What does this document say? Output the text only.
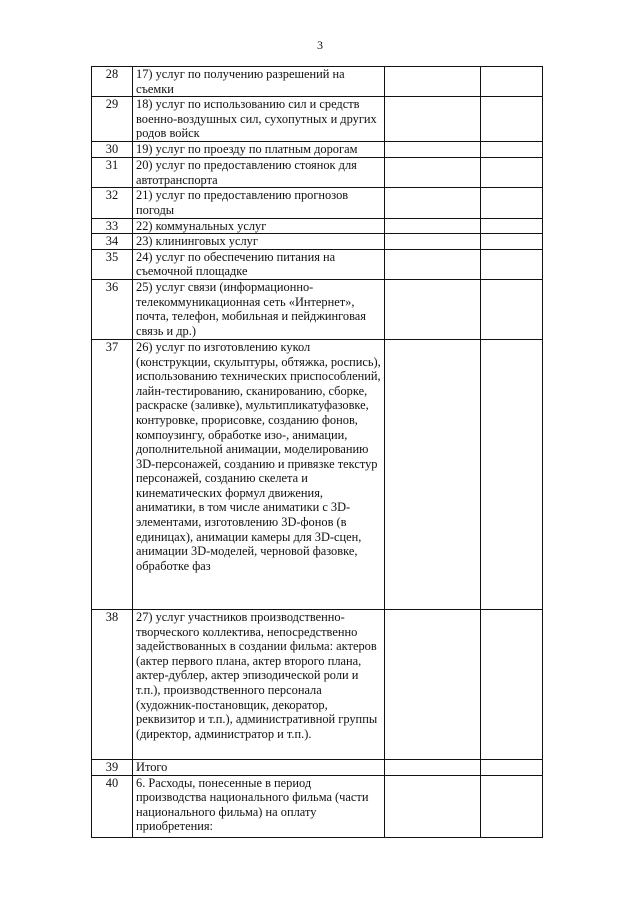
3
28	17) услуг по получению разрешений на съемки		
29	18) услуг по использованию сил и средств военно-воздушных сил, сухопутных и других родов войск		
30	19) услуг по проезду по платным дорогам		
31	20) услуг по предоставлению стоянок для автотранспорта		
32	21) услуг по предоставлению прогнозов погоды		
33	22) коммунальных услуг		
34	23) клининговых услуг		
35	24) услуг по обеспечению питания на съемочной площадке		
36	25) услуг связи (информационно-телекоммуникационная сеть «Интернет», почта, телефон, мобильная и пейджинговая связь и др.)		
37	26) услуг по изготовлению кукол (конструкции, скульптуры, обтяжка, роспись), использованию технических приспособлений, лайн-тестированию, сканированию, сборке, раскраске (заливке), мультипликатуфазовке, контуровке, прорисовке, созданию фонов, компоузингу, обработке изо-, анимации, дополнительной анимации, моделированию 3D-персонажей, созданию и привязке текстур персонажей, созданию скелета и кинематических формул движения, аниматики, в том числе аниматики с 3D-элементами, изготовлению 3D-фонов (в единицах), анимации камеры для 3D-сцен, анимации 3D-моделей, черновой фазовке, обработке фаз		
38	27) услуг участников производственно-творческого коллектива, непосредственно задействованных в создании фильма: актеров (актер первого плана, актер второго плана, актер-дублер, актер эпизодической роли и т.п.), производственного персонала (художник-постановщик, декоратор, реквизитор и т.п.), административной группы (директор, администратор и т.п.).		
39	Итого		
40	6. Расходы, понесенные в период производства национального фильма (части национального фильма) на оплату приобретения:		
